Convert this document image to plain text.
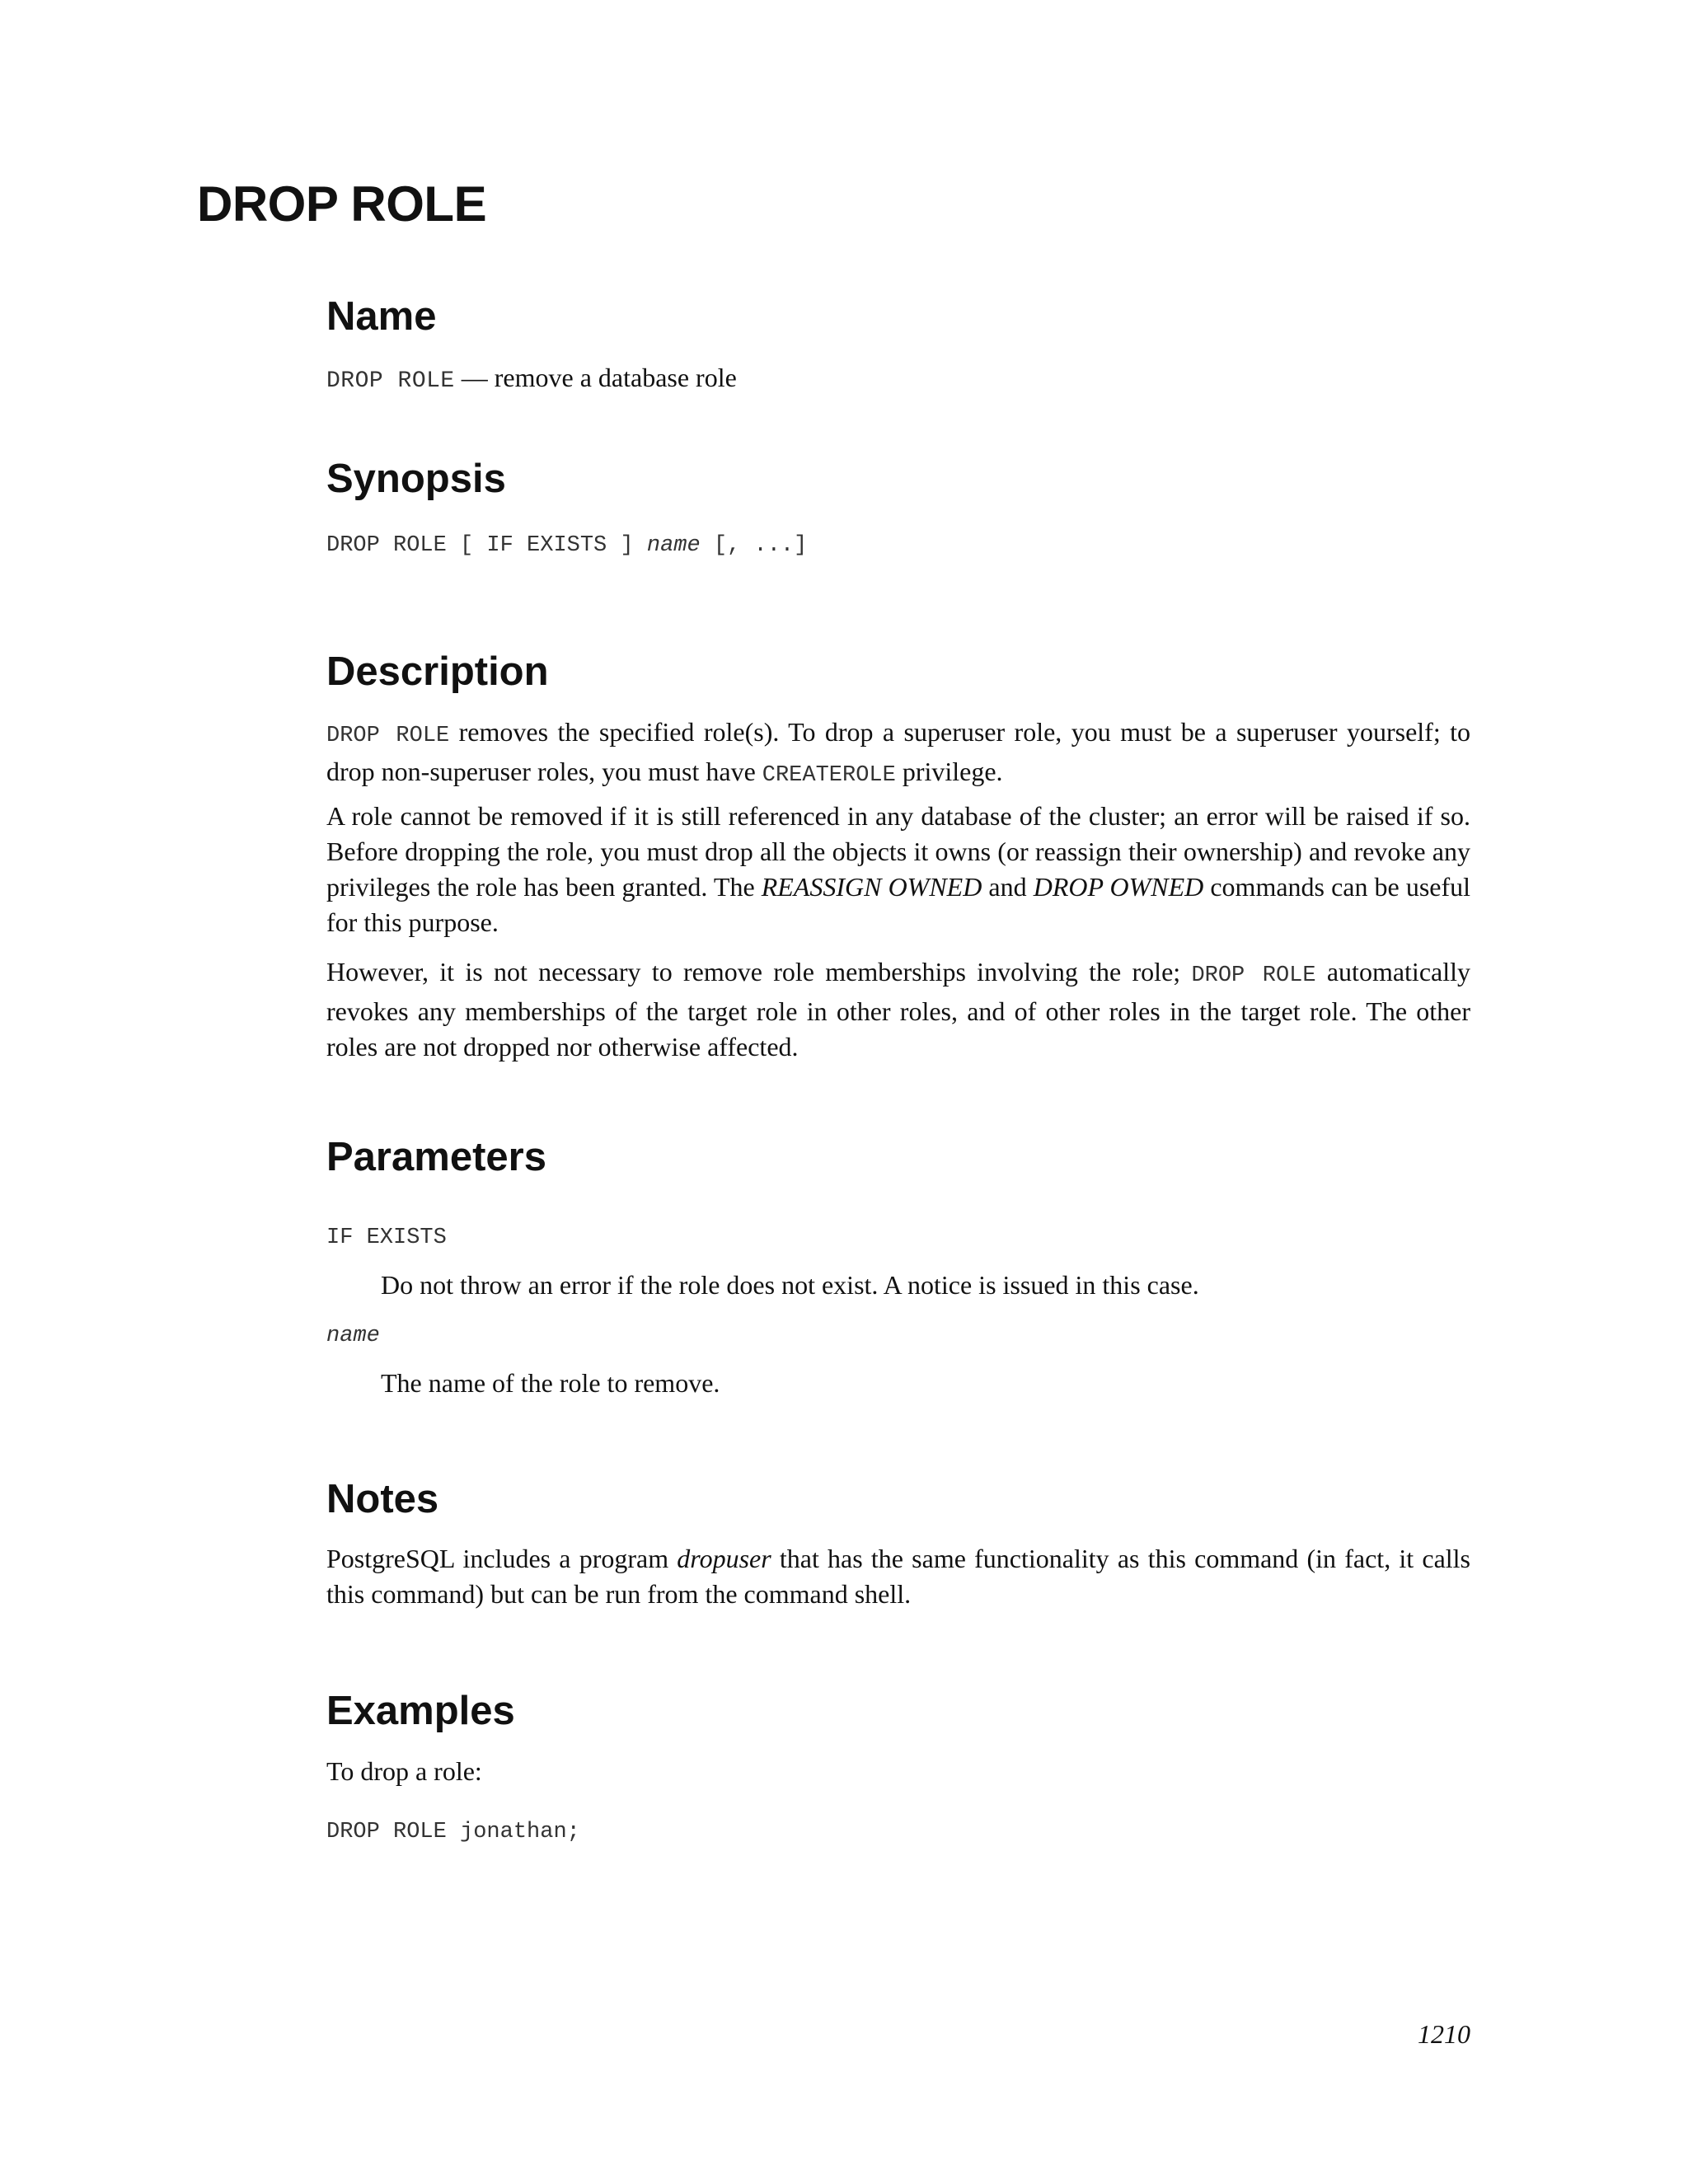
DROP ROLE
Name

DROP ROLE — remove a database role

Synopsis
DROP ROLE [ IF EXISTS ] name [, ...]
Description

DROP ROLE removes the specified role(s). To drop a superuser role, you must be a superuser yourself; to drop non-superuser roles, you must have CREATEROLE privilege.

A role cannot be removed if it is still referenced in any database of the cluster; an error will be raised if so. Before dropping the role, you must drop all the objects it owns (or reassign their ownership) and revoke any privileges the role has been granted. The REASSIGN OWNED and DROP OWNED commands can be useful for this purpose.

However, it is not necessary to remove role memberships involving the role; DROP ROLE automatically revokes any memberships of the target role in other roles, and of other roles in the target role. The other roles are not dropped nor otherwise affected.

Parameters

IF EXISTS

Do not throw an error if the role does not exist. A notice is issued in this case.

name

The name of the role to remove.

Notes

PostgreSQL includes a program dropuser that has the same functionality as this command (in fact, it calls this command) but can be run from the command shell.

Examples

To drop a role:

DROP ROLE jonathan;
1210
